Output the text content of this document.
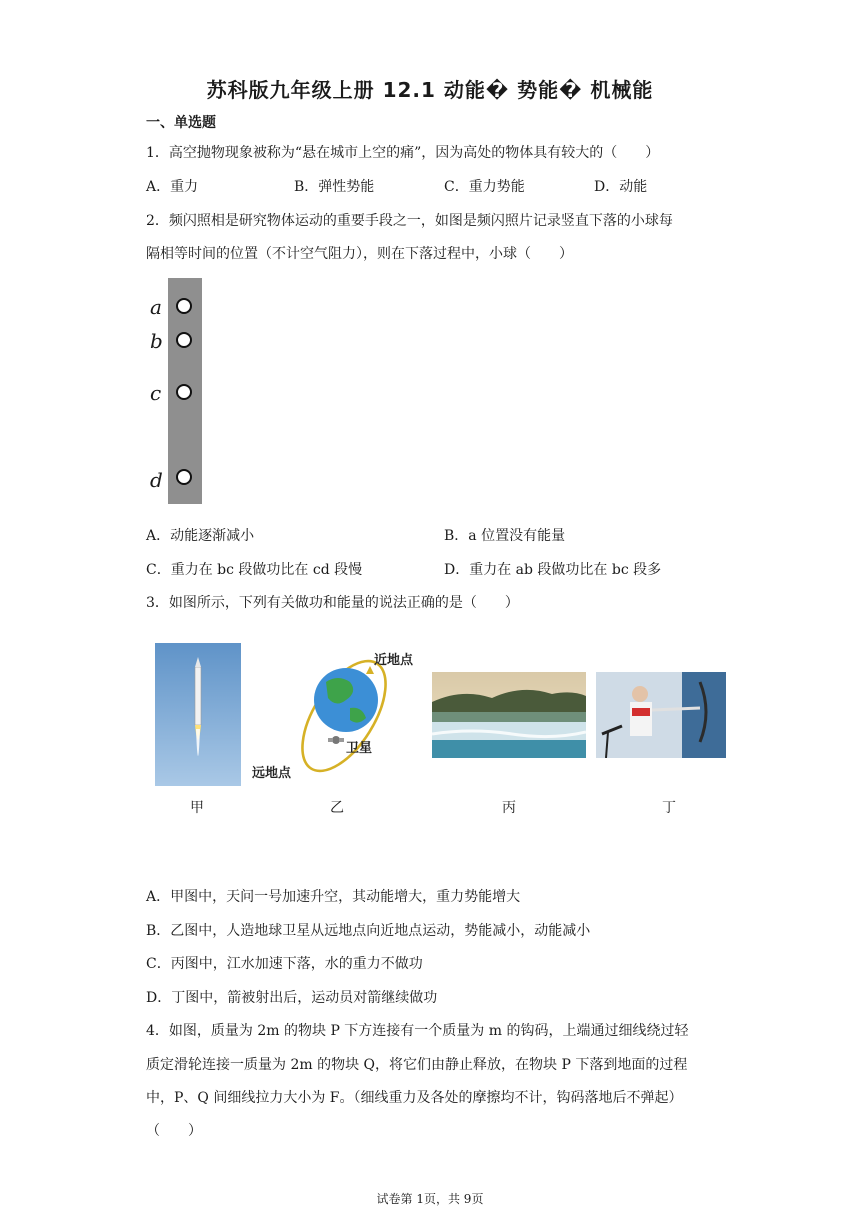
苏科版九年级上册 12.1 动能� 势能� 机械能
一、单选题
1．高空抛物现象被称为“悬在城市上空的痛”，因为高处的物体具有较大的（　　）
A．重力	B．弹性势能	C．重力势能	D．动能
2．频闪照相是研究物体运动的重要手段之一，如图是频闪照片记录竖直下落的小球每
隔相等时间的位置（不计空气阻力），则在下落过程中，小球（　　）
a
b
c
d
A．动能逐渐减小	B．a 位置没有能量
C．重力在 bc 段做功比在 cd 段慢	D．重力在 ab 段做功比在 bc 段多
3．如图所示，下列有关做功和能量的说法正确的是（　　）
近地点
卫星
远地点
甲	乙	丙	丁
A．甲图中，天问一号加速升空，其动能增大，重力势能增大
B．乙图中，人造地球卫星从远地点向近地点运动，势能减小，动能减小
C．丙图中，江水加速下落，水的重力不做功
D．丁图中，箭被射出后，运动员对箭继续做功
4．如图，质量为 2m 的物块 P 下方连接有一个质量为 m 的钩码，上端通过细线绕过轻
质定滑轮连接一质量为 2m 的物块 Q，将它们由静止释放，在物块 P 下落到地面的过程
中，P、Q 间细线拉力大小为 F。（细线重力及各处的摩擦均不计，钩码落地后不弹起）
（　　）
试卷第 1页，共 9页
